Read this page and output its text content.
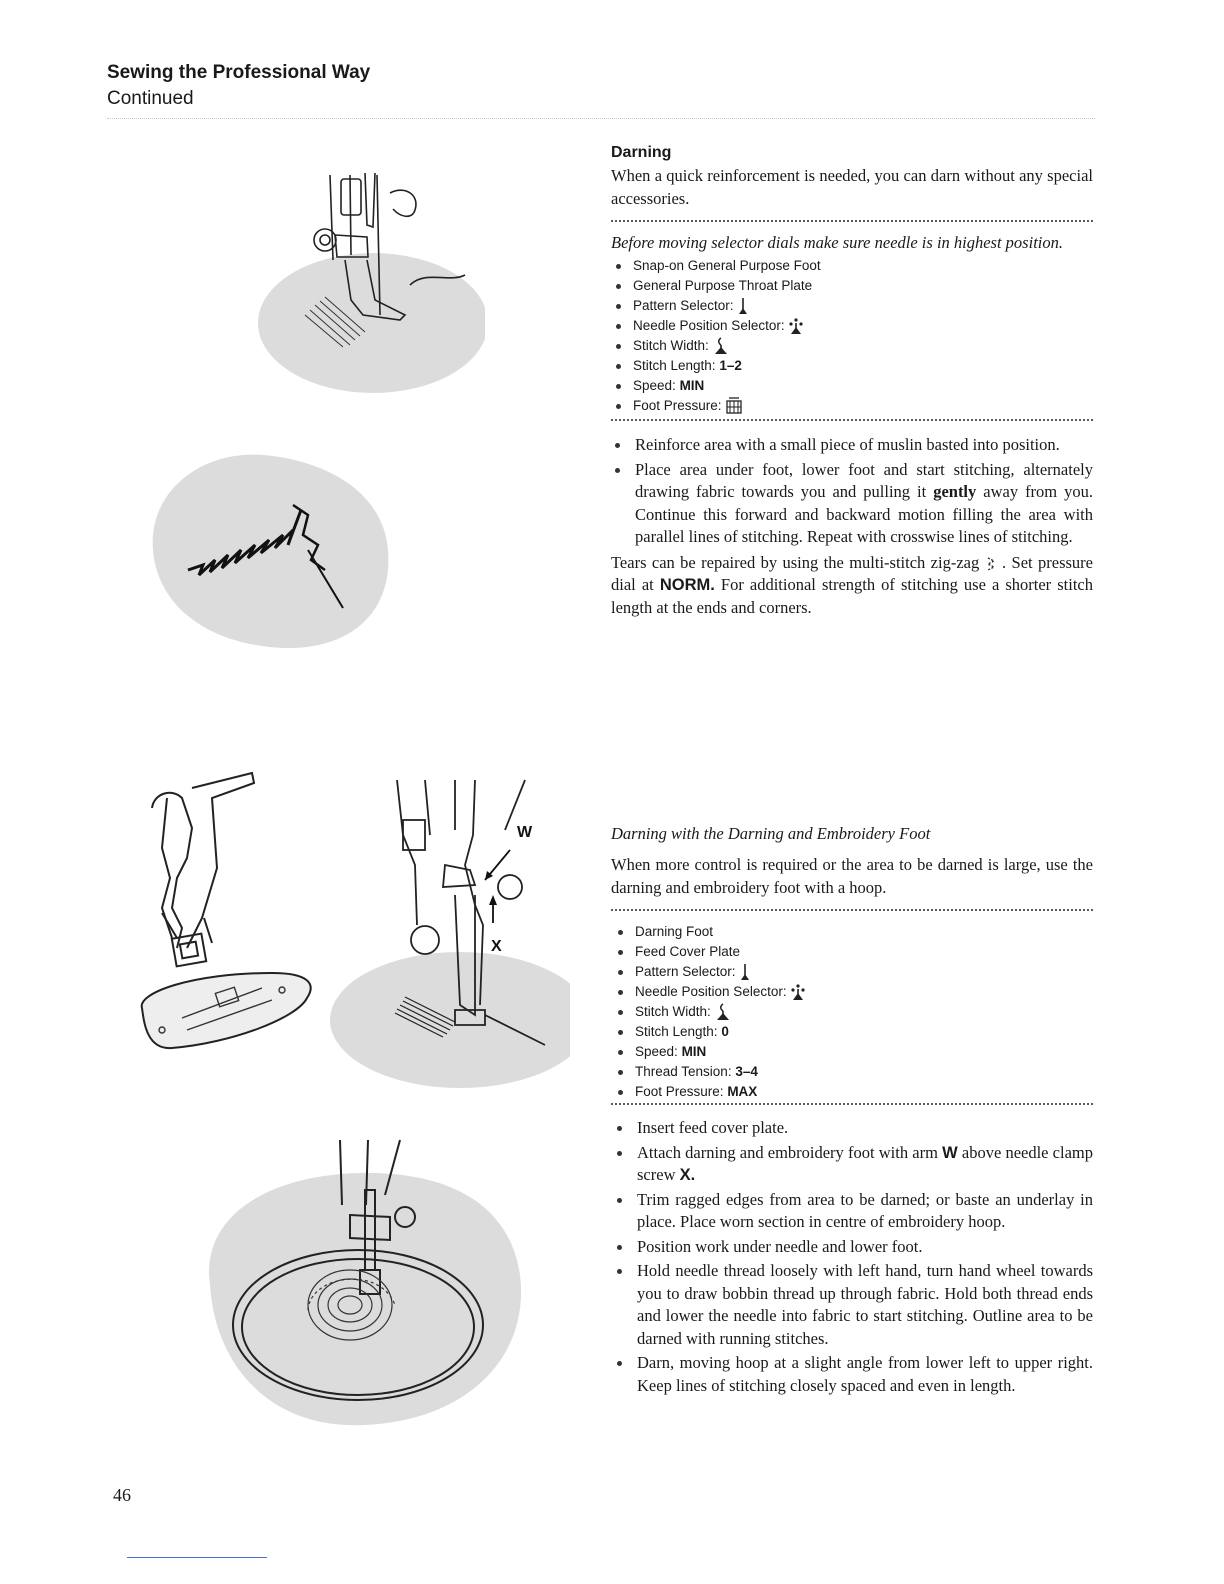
Sewing the Professional Way

Continued

W
X

Darning

When a quick reinforcement is needed, you can darn without any special accessories.

Before moving selector dials make sure needle is in highest position.

Snap-on General Purpose Foot
General Purpose Throat Plate
Pattern Selector:
Needle Position Selector:
Stitch Width:
Stitch Length: 1–2
Speed: MIN
Foot Pressure:
Reinforce area with a small piece of muslin basted into position.
Place area under foot, lower foot and start stitching, alternately drawing fabric towards you and pulling it gently away from you. Continue this forward and backward motion filling the area with parallel lines of stitching. Repeat with crosswise lines of stitching.

Tears can be repaired by using the multi-stitch zig-zag  . Set pressure dial at NORM. For additional strength of stitching use a shorter stitch length at the ends and corners.

Darning with the Darning and Embroidery Foot

When more control is required or the area to be darned is large, use the darning and embroidery foot with a hoop.

Darning Foot
Feed Cover Plate
Pattern Selector:
Needle Position Selector:
Stitch Width:
Stitch Length: 0
Speed: MIN
Thread Tension: 3–4
Foot Pressure: MAX
Insert feed cover plate.
Attach darning and embroidery foot with arm W above needle clamp screw X.
Trim ragged edges from area to be darned; or baste an underlay in place. Place worn section in centre of embroidery hoop.
Position work under needle and lower foot.
Hold needle thread loosely with left hand, turn hand wheel towards you to draw bobbin thread up through fabric. Hold both thread ends and lower the needle into fabric to start stitching. Outline area to be darned with running stitches.
Darn, moving hoop at a slight angle from lower left to upper right. Keep lines of stitching closely spaced and even in length.
46
